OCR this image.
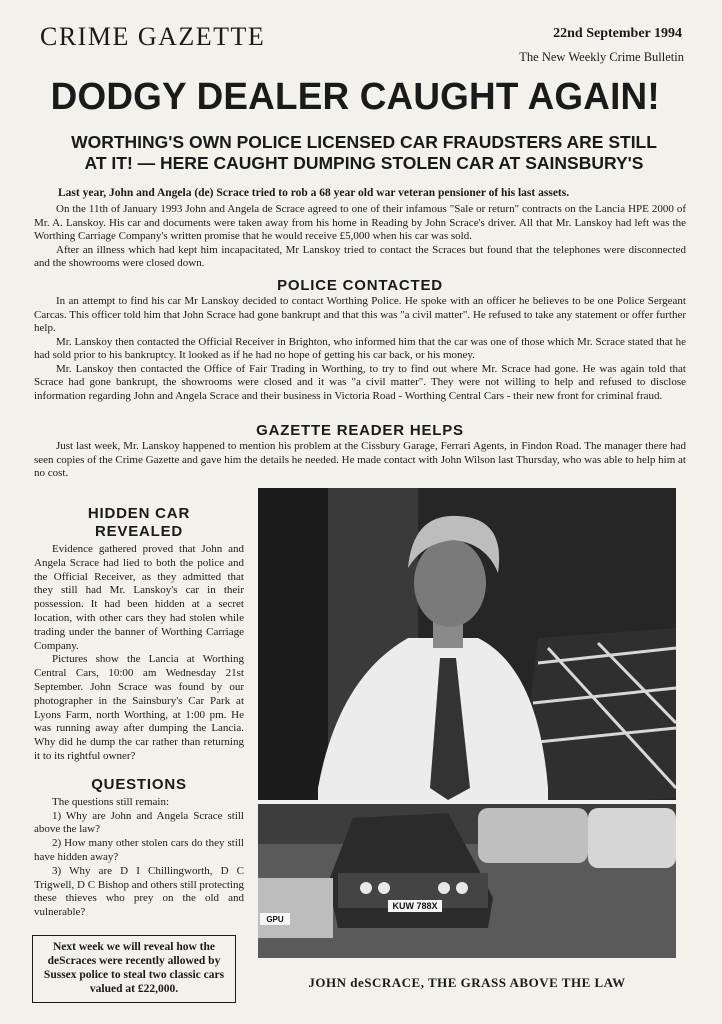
CRIME GAZETTE	22nd September 1994
The New Weekly Crime Bulletin
DODGY DEALER CAUGHT AGAIN!
WORTHING'S OWN POLICE LICENSED CAR FRAUDSTERS ARE STILL
AT IT! — HERE CAUGHT DUMPING STOLEN CAR AT SAINSBURY'S
Last year, John and Angela (de) Scrace tried to rob a 68 year old war veteran pensioner of his last assets.

On the 11th of January 1993 John and Angela de Scrace agreed to one of their infamous "Sale or return" contracts on the Lancia HPE 2000 of Mr. A. Lanskoy. His car and documents were taken away from his home in Reading by John Scrace's driver. All that Mr. Lanskoy had left was the Worthing Carriage Company's written promise that he would receive £5,000 when his car was sold.

After an illness which had kept him incapacitated, Mr Lanskoy tried to contact the Scraces but found that the telephones were disconnected and the showrooms were closed down.

POLICE CONTACTED

In an attempt to find his car Mr Lanskoy decided to contact Worthing Police. He spoke with an officer he believes to be one Police Sergeant Carcas. This officer told him that John Scrace had gone bankrupt and that this was "a civil matter". He refused to take any statement or offer further help.

Mr. Lanskoy then contacted the Official Receiver in Brighton, who informed him that the car was one of those which Mr. Scrace stated that he had sold prior to his bankruptcy. It looked as if he had no hope of getting his car back, or his money.

Mr. Lanskoy then contacted the Office of Fair Trading in Worthing, to try to find out where Mr. Scrace had gone. He was again told that Scrace had gone bankrupt, the showrooms were closed and it was "a civil matter". They were not willing to help and refused to disclose information regarding John and Angela Scrace and their business in Victoria Road - Worthing Central Cars - their new front for criminal fraud.

GAZETTE READER HELPS

Just last week, Mr. Lanskoy happened to mention his problem at the Cissbury Garage, Ferrari Agents, in Findon Road. The manager there had seen copies of the Crime Gazette and gave him the details he needed. He made contact with John Wilson last Thursday, who was able to help him at no cost.

HIDDEN CAR
REVEALED

Evidence gathered proved that John and Angela Scrace had lied to both the police and the Official Receiver, as they admitted that they still had Mr. Lanskoy's car in their possession. It had been hidden at a secret location, with other cars they had stolen while trading under the banner of Worthing Carriage Company.

Pictures show the Lancia at Worthing Central Cars, 10:00 am Wednesday 21st September. John Scrace was found by our photographer in the Sainsbury's Car Park at Lyons Farm, north Worthing, at 1:00 pm. He was running away after dumping the Lancia. Why did he dump the car rather than returning it to its rightful owner?

QUESTIONS

The questions still remain:

1) Why are John and Angela Scrace still above the law?

2) How many other stolen cars do they still have hidden away?

3) Why are D I Chillingworth, D C Trigwell, D C Bishop and others still protecting these thieves who prey on the old and vulnerable?

KUW 788X
GPU
JOHN deSCRACE, THE GRASS ABOVE THE LAW
Next week we will reveal how the deScraces were recently allowed by Sussex police to steal two classic cars valued at £22,000.
